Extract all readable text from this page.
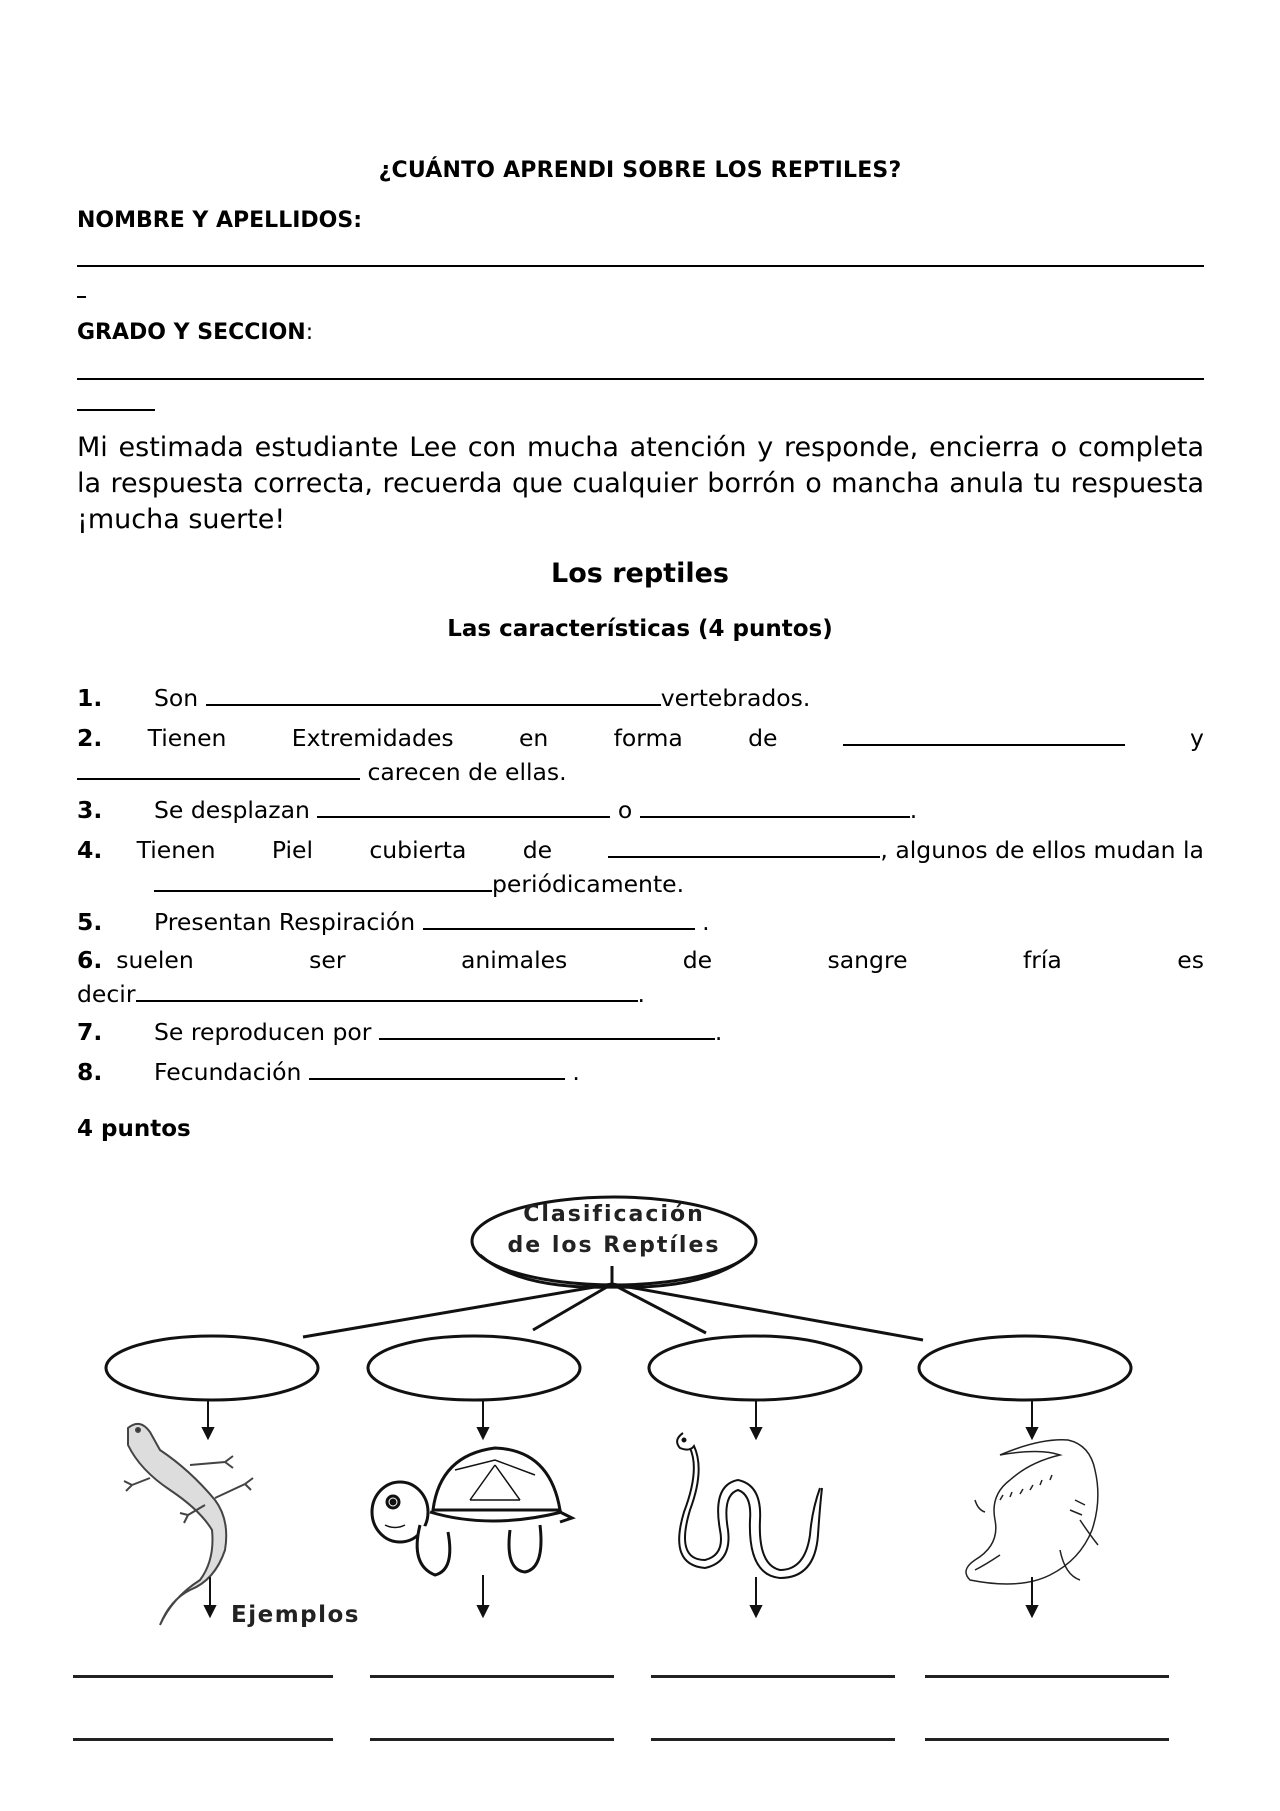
¿CUÁNTO APRENDI SOBRE LOS REPTILES?
NOMBRE Y APELLIDOS:
GRADO Y SECCION:
Mi estimada estudiante Lee con mucha atención y responde, encierra o completa la respuesta correcta, recuerda que cualquier borrón o mancha anula tu respuesta ¡mucha suerte!
Los reptiles
Las características (4 puntos)
1. Son	vertebrados.
2. Tienen	Extremidades	en	forma	de	y
carecen de ellas.
3. Se desplazan	o	.
4. Tienen Piel cubierta de	, algunos de ellos mudan la
periódicamente.
5. Presentan Respiración	.
6. suelen	ser	animales	de	sangre	fría	es
decir	.
7. Se reproducen por	.
8. Fecundación	.
4 puntos
Clasificación
de los Reptíles
Ejemplos
